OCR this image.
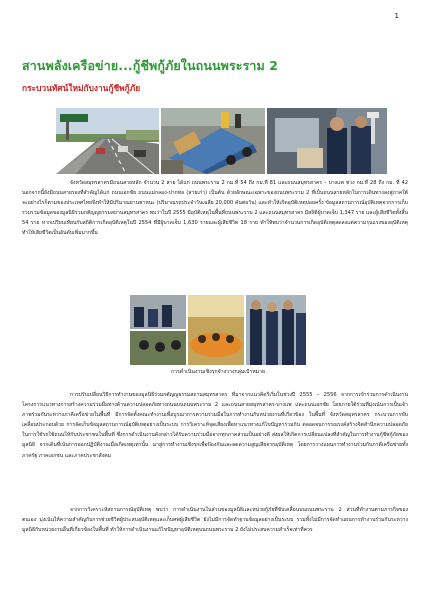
1
สานพลังเครือข่าย...กู้ชีพกู้ภัยในถนนพระราม 2
กระบวนทัศน์ใหม่กับงานกู้ชีพกู้ภัย
จังหวัดสมุทรสาครมีถนนสายหลัก จำนวน 2 สาย ได้แก่ ถนนพระราม 2 กม.ที่ 54 ถึง กม.ที่ 81 และถนนสมุทรสาคร – บางแพ ช่วง กม.ที่ 28 ถึง กม. ที่ 42 นอกจากนี้ยังมีถนนสายรองที่สำคัญได้แก่ ถนนเอกชัย ถนนแม่กลอง-ปากท่อ (สายเก่า) เป็นต้น ด้วยลักษณะเฉพาะของถนนพระราม 2 ที่เป็นถนนสายหลักในการเดินทางลงสู่ภาคใต้จะอย่างไรก็ตามของประเทศไทยจึงทำให้มีปริมาณยานพาหนะ (ปริมาณรถประจำวันเฉลี่ย 20,000 คันต่อวัน) และทำให้เกิดอุบัติเหตุบ่อยครั้ง ข้อมูลสถานการณ์อุบัติเหตุจากการเก็บรวบรวมข้อมูลของมูลนิธิร่วมกตัญญูธรรมสถานสมุทรสาคร พบว่าในปี 2555 มีอุบัติเหตุในพื้นที่ถนนพระราม 2 และถนนสมุทรสาคร มีสถิติผู้บาดเจ็บ 1,347 ราย และผู้เสียชีวิตทั้งสิ้น 54 ราย หากเปรียบเทียบกับสถิติการเกิดอุบัติเหตุในปี 2554 ที่มีผู้บาดเจ็บ 1,630 รายและผู้เสียชีวิต 18 ราย ทำให้พบว่าจำนวนการเกิดอุบัติเหตุลดลงแต่ความรุนแรงของอุบัติเหตุทำให้เสียชีวิตเป็นอันดับเพิ่มมากขึ้น
การดำเนินงานเชิงรุกจ้างวางกลุ่มเป้าหมาย
การปรับเปลี่ยนวิธีการทำงานของมูลนิธิร่วมกตัญญูธรรมสถานสมุทรสาคร ที่มาจากแนวคิดริเริ่มในช่วงปี 2555 – 2556 จากการเข้าร่วมการดำเนินงานโครงการแนวทางการสร้างความร่วมมือทางด้านความปลอดภัยทางถนนบนถนนพระราม 2 และถนนสายสมุทรสาคร-บางแพ และถนนเอกชัย โดยภายใต้ร่วมที่มุ่งเน้นการเป็นเจ้าภาพร่วมกันระหว่างภาคีเครือข่ายในพื้นที่ มีการจัดตั้งคณะทำงานเพื่อบูรณาการความร่วมมือในการทำงานกับหน่วยงานที่เกี่ยวข้อง ในพื้นที่ จังหวัดสมุทรสาคร กระบวนการขับเคลื่อนประกอบด้วย การจัดเก็บข้อมูลสถานการณ์อุบัติเหตุอย่างเป็นระบบ การวิเคราะห์จุดเสี่ยงเพื่อหาแนวทางแก้ไขปัญหาร่วมกัน ตลอดจนการรณรงค์สร้างจิตสำนึกความปลอดภัยในการใช้รถใช้ถนนให้กับประชาชนในพื้นที่ ซึ่งการดำเนินงานดังกล่าวได้รับความร่วมมือจากทุกภาคส่วนเป็นอย่างดี ส่งผลให้เกิดการเปลี่ยนแปลงที่สำคัญในการทำงานกู้ชีพกู้ภัยของมูลนิธิ จากเดิมที่เน้นการออกปฏิบัติงานเมื่อเกิดเหตุเท่านั้น มาสู่การทำงานเชิงรุกเพื่อป้องกันและลดความสูญเสียจากอุบัติเหตุ โดยการวางแผนการทำงานร่วมกับภาคีเครือข่ายทั้งภาครัฐ ภาคเอกชน และภาคประชาสังคม
จากการวิเคราะห์สถานการณ์อุบัติเหตุ พบว่า การดำเนินงานในส่วนของมูลนิธิและหน่วยกู้ภัยที่ขับเคลื่อนบนถนนพระราม 2 ส่วนที่ทำงานตามภารกิจของตนเอง มุ่งเน้นให้ความสำคัญกับการช่วยชีวิตผู้ประสบอุบัติเหตุและเก็บศพผู้เสียชีวิต ยังไม่มีการจัดทำฐานข้อมูลอย่างเป็นระบบ รวมทั้งไม่มีการจัดทำแผนการทำงานร่วมกันระหว่างมูลนิธิกับหน่วยงานอื่นที่เกี่ยวข้องในพื้นที่ ทำให้การดำเนินงานแก้ไขปัญหาอุบัติเหตุบนถนนพระราม 2 ยังไม่ประสบความสำเร็จเท่าที่ควร
